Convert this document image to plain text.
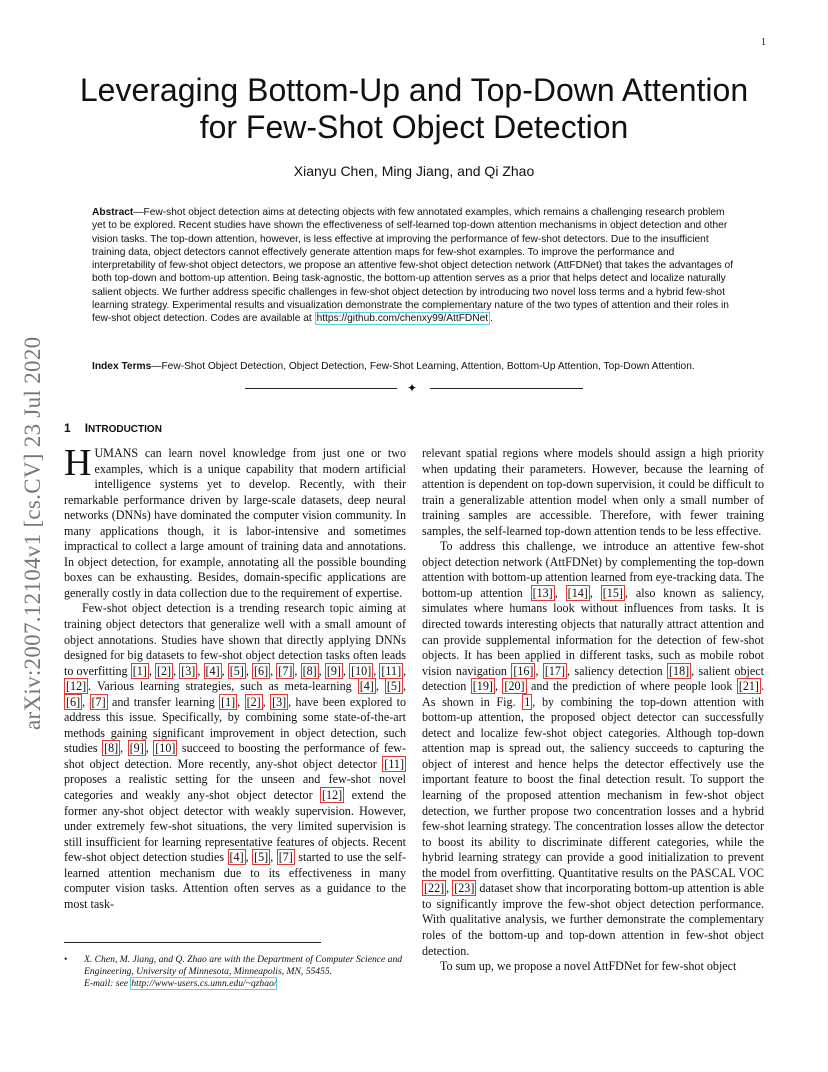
1
arXiv:2007.12104v1 [cs.CV] 23 Jul 2020
Leveraging Bottom-Up and Top-Down Attention
for Few-Shot Object Detection
Xianyu Chen, Ming Jiang, and Qi Zhao

Abstract—Few-shot object detection aims at detecting objects with few annotated examples, which remains a challenging research problem yet to be explored. Recent studies have shown the effectiveness of self-learned top-down attention mechanisms in object detection and other vision tasks. The top-down attention, however, is less effective at improving the performance of few-shot detectors. Due to the insufficient training data, object detectors cannot effectively generate attention maps for few-shot examples. To improve the performance and interpretability of few-shot object detectors, we propose an attentive few-shot object detection network (AttFDNet) that takes the advantages of both top-down and bottom-up attention. Being task-agnostic, the bottom-up attention serves as a prior that helps detect and localize naturally salient objects. We further address specific challenges in few-shot object detection by introducing two novel loss terms and a hybrid few-shot learning strategy. Experimental results and visualization demonstrate the complementary nature of the two types of attention and their roles in few-shot object detection. Codes are available at https://github.com/chenxy99/AttFDNet .

Index Terms—Few-Shot Object Detection, Object Detection, Few-Shot Learning, Attention, Bottom-Up Attention, Top-Down Attention.

✦
1 INTRODUCTION

HUMANS can learn novel knowledge from just one or two examples, which is a unique capability that modern artificial intelligence systems yet to develop. Recently, with their remarkable performance driven by large-scale datasets, deep neural networks (DNNs) have dominated the computer vision community. In many applications though, it is labor-intensive and sometimes impractical to collect a large amount of training data and annotations. In object detection, for example, annotating all the possible bounding boxes can be exhausting. Besides, domain-specific applications are generally costly in data collection due to the requirement of expertise.

Few-shot object detection is a trending research topic aiming at training object detectors that generalize well with a small amount of object annotations. Studies have shown that directly applying DNNs designed for big datasets to few-shot object detection tasks often leads to overfitting [1] , [2] , [3] , [4] , [5] , [6] , [7] , [8] , [9] , [10] , [11] , [12] . Various learning strategies, such as meta-learning [4] , [5] , [6] , [7] and transfer learning [1] , [2] , [3] , have been explored to address this issue. Specifically, by combining some state-of-the-art methods gaining significant improvement in object detection, such studies [8] , [9] , [10] succeed to boosting the performance of few-shot object detection. More recently, any-shot object detector [11] proposes a realistic setting for the unseen and few-shot novel categories and weakly any-shot object detector [12] extend the former any-shot object detector with weakly supervision. However, under extremely few-shot situations, the very limited supervision is still insufficient for learning representative features of objects. Recent few-shot object detection studies [4] , [5] , [7] started to use the self-learned attention mechanism due to its effectiveness in many computer vision tasks. Attention often serves as a guidance to the most task-

relevant spatial regions where models should assign a high priority when updating their parameters. However, because the learning of attention is dependent on top-down supervision, it could be difficult to train a generalizable attention model when only a small number of training samples are accessible. Therefore, with fewer training samples, the self-learned top-down attention tends to be less effective.

To address this challenge, we introduce an attentive few-shot object detection network (AttFDNet) by complementing the top-down attention with bottom-up attention learned from eye-tracking data. The bottom-up attention [13] , [14] , [15] , also known as saliency, simulates where humans look without influences from tasks. It is directed towards interesting objects that naturally attract attention and can provide supplemental information for the detection of few-shot objects. It has been applied in different tasks, such as mobile robot vision navigation [16] , [17] , saliency detection [18] , salient object detection [19] , [20] and the prediction of where people look [21] . As shown in Fig. 1 , by combining the top-down attention with bottom-up attention, the proposed object detector can successfully detect and localize few-shot object categories. Although top-down attention map is spread out, the saliency succeeds to capturing the object of interest and hence helps the detector effectively use the important feature to boost the final detection result. To support the learning of the proposed attention mechanism in few-shot object detection, we further propose two concentration losses and a hybrid few-shot learning strategy. The concentration losses allow the detector to boost its ability to discriminate different categories, while the hybrid learning strategy can provide a good initialization to prevent the model from overfitting. Quantitative results on the PASCAL VOC [22] , [23] dataset show that incorporating bottom-up attention is able to significantly improve the few-shot object detection performance. With qualitative analysis, we further demonstrate the complementary roles of the bottom-up and top-down attention in few-shot object detection.

To sum up, we propose a novel AttFDNet for few-shot object

•	X. Chen, M. Jiang, and Q. Zhao are with the Department of Computer Science and Engineering, University of Minnesota, Minneapolis, MN, 55455.
E-mail: see http://www-users.cs.umn.edu/~qzhao/
